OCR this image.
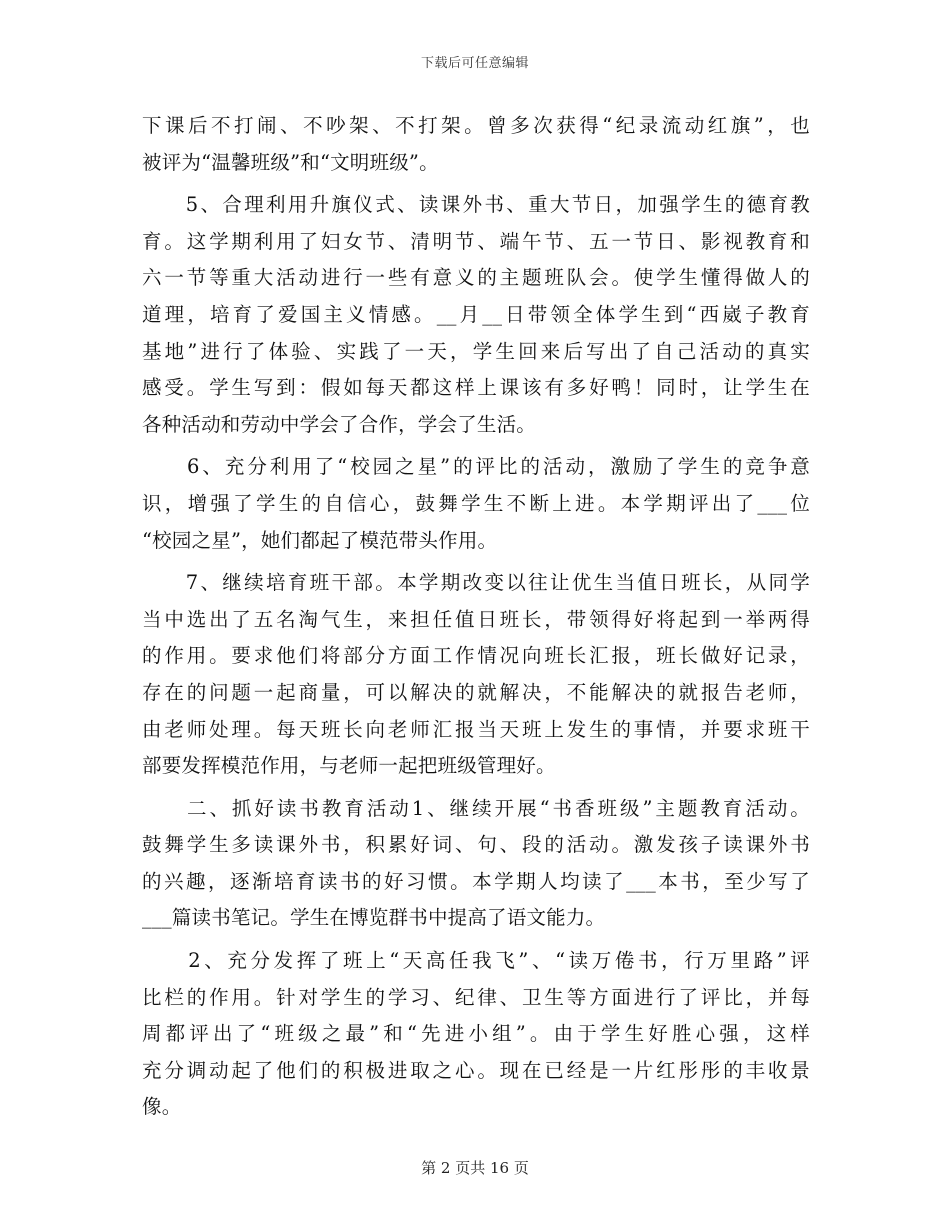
下载后可任意编辑
下课后不打闹、不吵架、不打架。曾多次获得“纪录流动红旗”，也
被评为“温馨班级”和“文明班级”。
　　5、合理利用升旗仪式、读课外书、重大节日，加强学生的德育教
育。这学期利用了妇女节、清明节、端午节、五一节日、影视教育和
六一节等重大活动进行一些有意义的主题班队会。使学生懂得做人的
道理，培育了爱国主义情感。__月__日带领全体学生到“西崴子教育
基地”进行了体验、实践了一天，学生回来后写出了自己活动的真实
感受。学生写到：假如每天都这样上课该有多好鸭！同时，让学生在
各种活动和劳动中学会了合作，学会了生活。
　　6、充分利用了“校园之星”的评比的活动，激励了学生的竞争意
识，增强了学生的自信心，鼓舞学生不断上进。本学期评出了___位
“校园之星”，她们都起了模范带头作用。
　　7、继续培育班干部。本学期改变以往让优生当值日班长，从同学
当中选出了五名淘气生，来担任值日班长，带领得好将起到一举两得
的作用。要求他们将部分方面工作情况向班长汇报，班长做好记录，
存在的问题一起商量，可以解决的就解决，不能解决的就报告老师，
由老师处理。每天班长向老师汇报当天班上发生的事情，并要求班干
部要发挥模范作用，与老师一起把班级管理好。
　　二、抓好读书教育活动1、继续开展“书香班级”主题教育活动。
鼓舞学生多读课外书，积累好词、句、段的活动。激发孩子读课外书
的兴趣，逐渐培育读书的好习惯。本学期人均读了___本书，至少写了
___篇读书笔记。学生在博览群书中提高了语文能力。
　　2、充分发挥了班上“天高任我飞”、“读万倦书，行万里路”评
比栏的作用。针对学生的学习、纪律、卫生等方面进行了评比，并每
周都评出了“班级之最”和“先进小组”。由于学生好胜心强，这样
充分调动起了他们的积极进取之心。现在已经是一片红彤彤的丰收景
像。
第 2 页共 16 页
